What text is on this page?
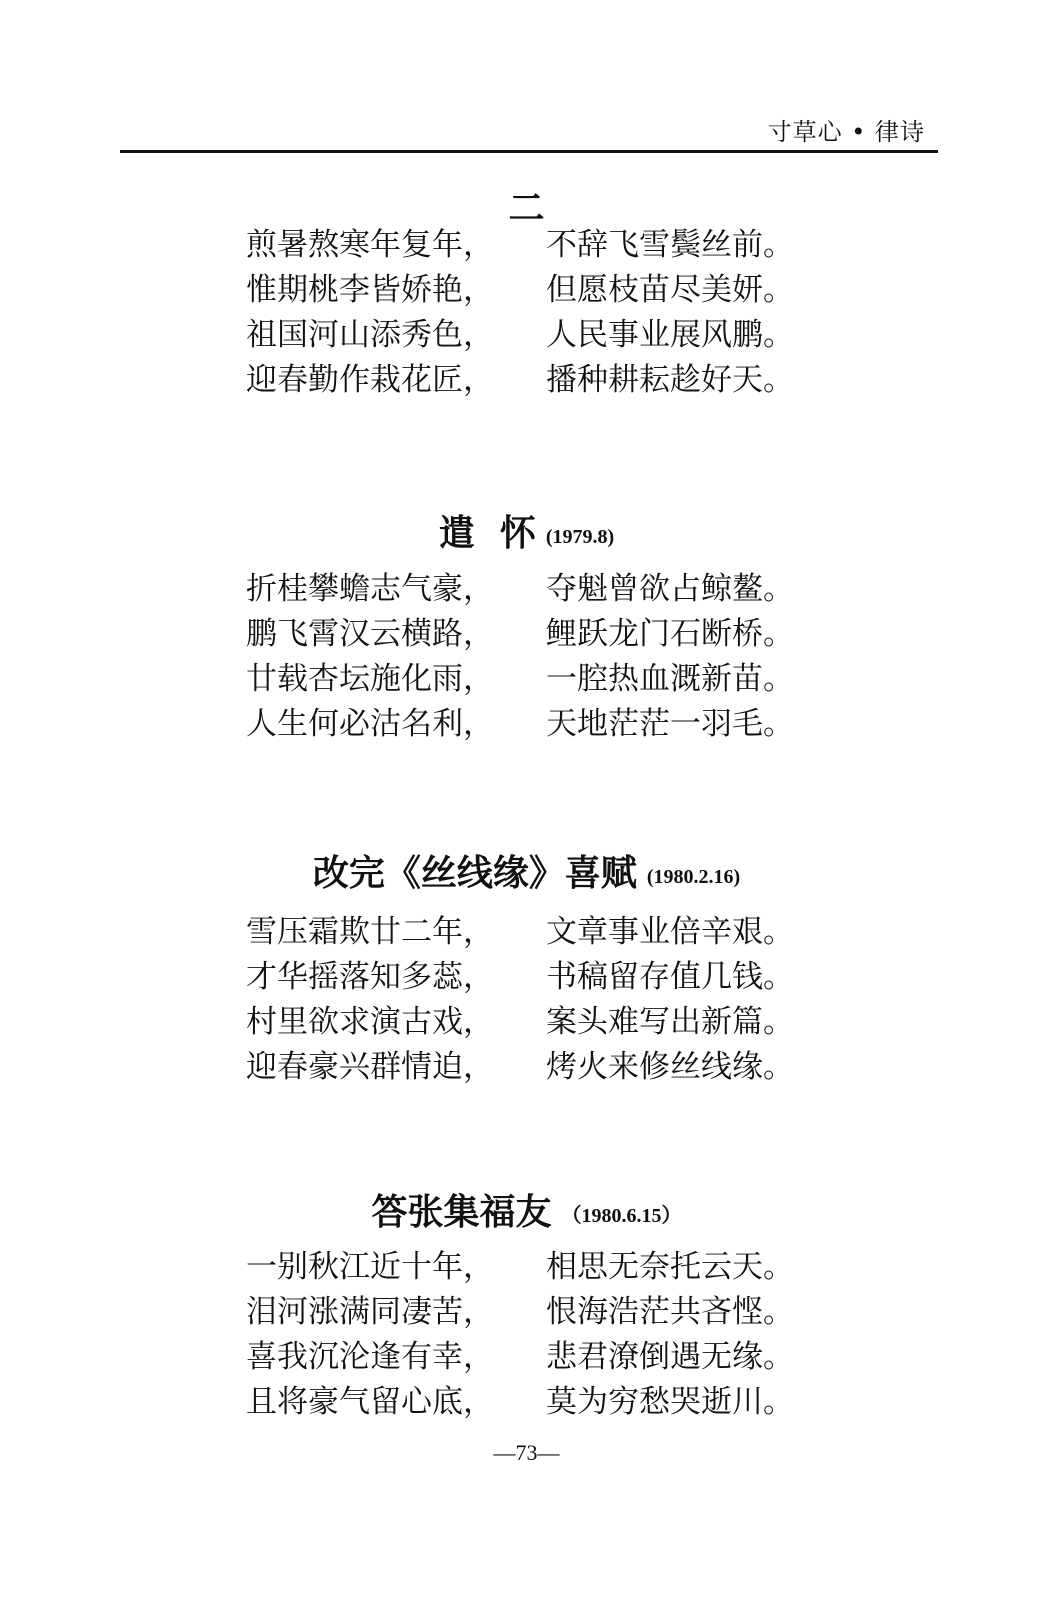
寸草心 • 律诗
二
煎暑熬寒年复年， 不辞飞雪鬓丝前。
惟期桃李皆娇艳， 但愿枝苗尽美妍。
祖国河山添秀色， 人民事业展风鹏。
迎春勤作栽花匠， 播种耕耘趁好天。
遣  怀 (1979.8)
折桂攀蟾志气豪， 夺魁曾欲占鲸鳌。
鹏飞霄汉云横路， 鲤跃龙门石断桥。
廿载杏坛施化雨， 一腔热血溉新苗。
人生何必沽名利， 天地茫茫一羽毛。
改完《丝线缘》喜赋 (1980.2.16)
雪压霜欺廿二年， 文章事业倍辛艰。
才华摇落知多蕊， 书稿留存值几钱。
村里欲求演古戏， 案头难写出新篇。
迎春豪兴群情迫， 烤火来修丝线缘。
答张集福友 （1980.6.15）
一别秋江近十年， 相思无奈托云天。
泪河涨满同凄苦， 恨海浩茫共吝悭。
喜我沉沦逢有幸， 悲君潦倒遇无缘。
且将豪气留心底， 莫为穷愁哭逝川。
—73—
